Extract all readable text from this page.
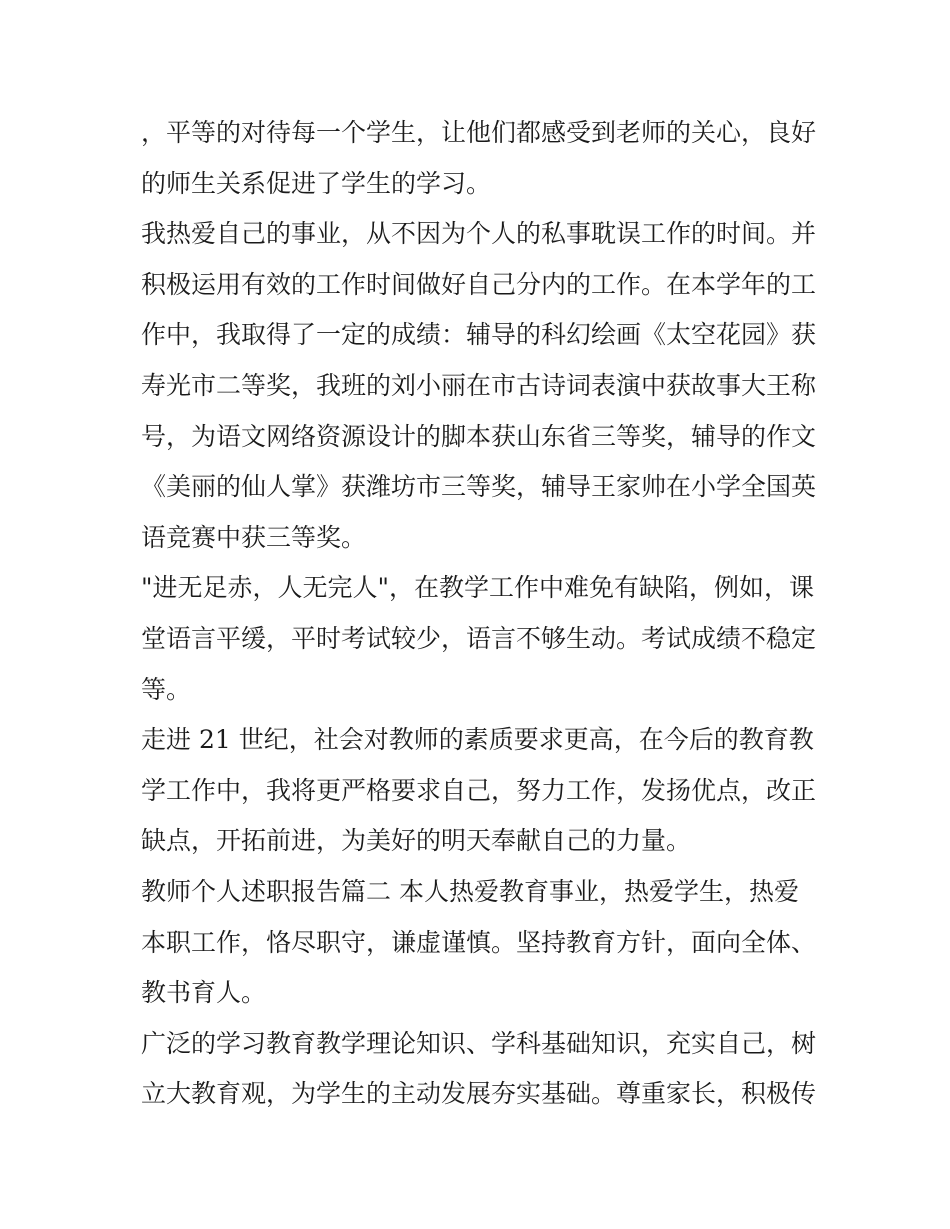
，平等的对待每一个学生，让他们都感受到老师的关心，良好
的师生关系促进了学生的学习。
我热爱自己的事业，从不因为个人的私事耽误工作的时间。并
积极运用有效的工作时间做好自己分内的工作。在本学年的工
作中，我取得了一定的成绩：辅导的科幻绘画《太空花园》获
寿光市二等奖，我班的刘小丽在市古诗词表演中获故事大王称
号，为语文网络资源设计的脚本获山东省三等奖，辅导的作文
《美丽的仙人掌》获潍坊市三等奖，辅导王家帅在小学全国英
语竞赛中获三等奖。
"进无足赤，人无完人"，在教学工作中难免有缺陷，例如，课
堂语言平缓，平时考试较少，语言不够生动。考试成绩不稳定
等。
走进 21 世纪，社会对教师的素质要求更高，在今后的教育教
学工作中，我将更严格要求自己，努力工作，发扬优点，改正
缺点，开拓前进，为美好的明天奉献自己的力量。
教师个人述职报告篇二 本人热爱教育事业，热爱学生，热爱
本职工作，恪尽职守，谦虚谨慎。坚持教育方针，面向全体、
教书育人。
广泛的学习教育教学理论知识、学科基础知识，充实自己，树
立大教育观，为学生的主动发展夯实基础。尊重家长，积极传
